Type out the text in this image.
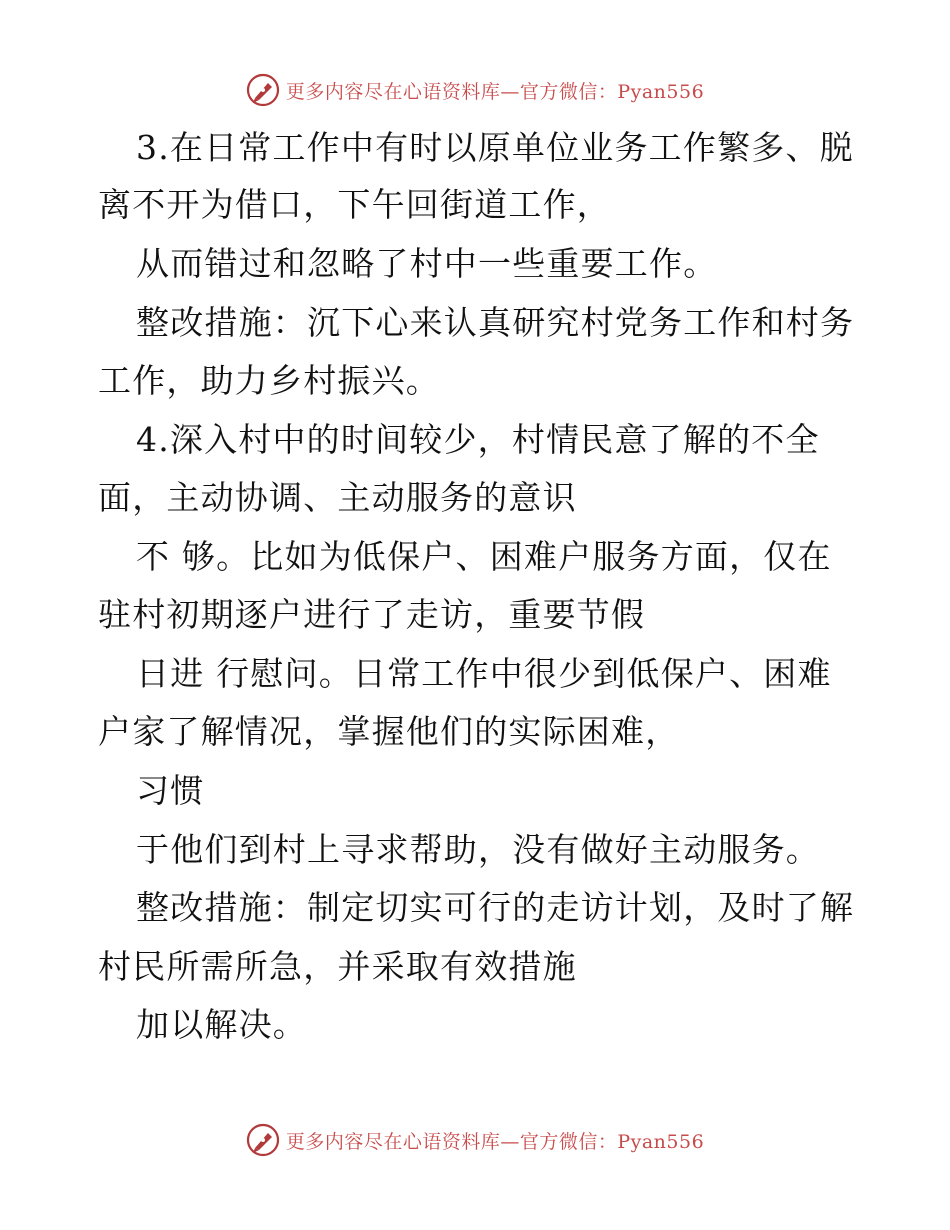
更多内容尽在心语资料库—官方微信：Pyan556
3.在日常工作中有时以原单位业务工作繁多、脱
离不开为借口，下午回街道工作，
从而错过和忽略了村中一些重要工作。
整改措施：沉下心来认真研究村党务工作和村务
工作，助力乡村振兴。
4.深入村中的时间较少，村情民意了解的不全
面，主动协调、主动服务的意识
不 够。比如为低保户、困难户服务方面，仅在
驻村初期逐户进行了走访，重要节假
日进 行慰问。日常工作中很少到低保户、困难
户家了解情况，掌握他们的实际困难，
习惯
于他们到村上寻求帮助，没有做好主动服务。
整改措施：制定切实可行的走访计划，及时了解
村民所需所急，并采取有效措施
加以解决。
更多内容尽在心语资料库—官方微信：Pyan556
